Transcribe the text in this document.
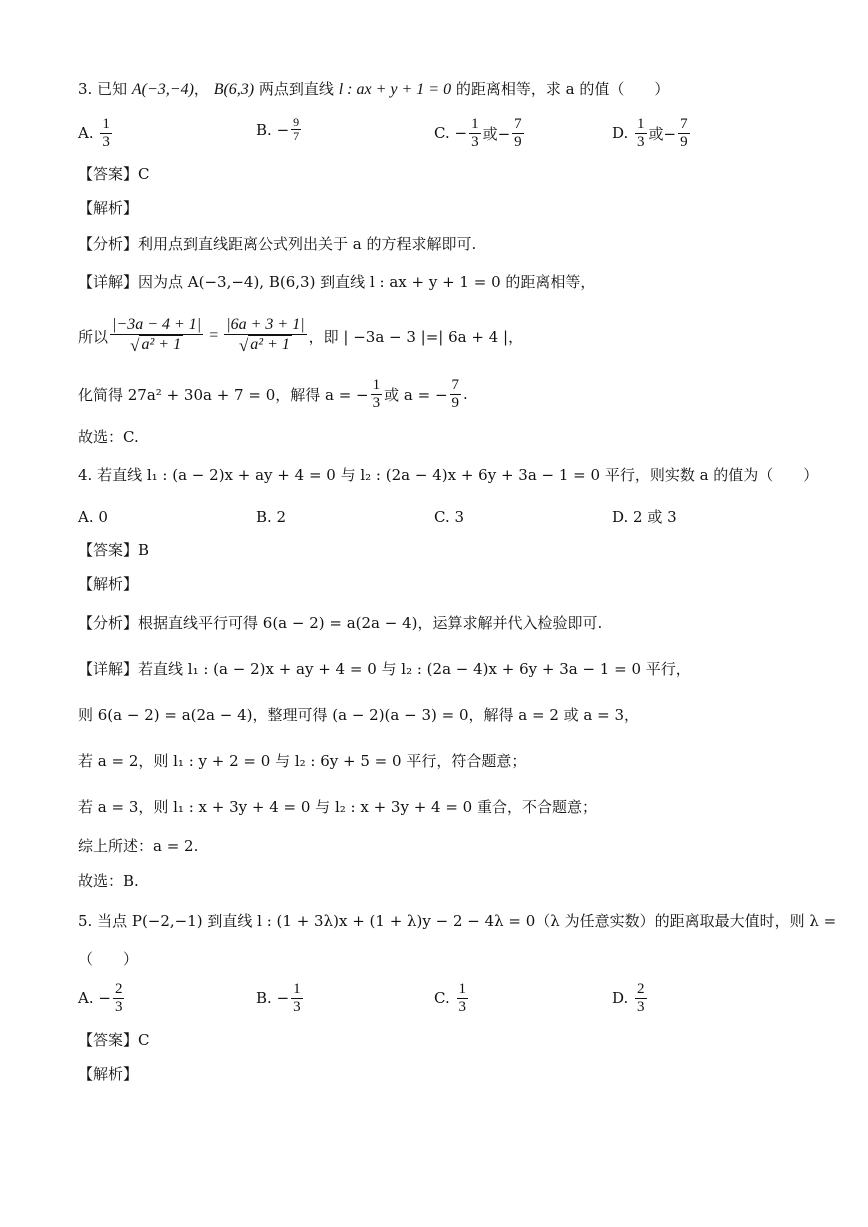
3. 已知 A(−3,−4)， B(6,3) 两点到直线 l : ax + y + 1 = 0 的距离相等，求 a 的值（　　）
A.
$\frac{1}{3}$	B.
− $\frac{9}{7}$	C.
− $\frac{1}{3}$ 或− $\frac{7}{9}$	D.
$\frac{1}{3}$ 或− $\frac{7}{9}$
【答案】C
【解析】
【分析】利用点到直线距离公式列出关于 a 的方程求解即可.
【详解】因为点 A(−3,−4), B(6,3) 到直线 l : ax + y + 1 = 0 的距离相等，
所以 $\frac{|-3a - 4 + 1|}{\text{√ a² + 1}} = \frac{|6a + 3 + 1|}{\text{√ a² + 1}}$ ，即 | −3a − 3 |=| 6a + 4 |，
化简得 27a² + 30a + 7 = 0，解得 a = − $\frac{1}{3}$ 或 a = − $\frac{7}{9}$ .
故选：C.
4. 若直线 l₁ : (a − 2)x + ay + 4 = 0 与 l₂ : (2a − 4)x + 6y + 3a − 1 = 0 平行，则实数 a 的值为（　　）
A. 0	B. 2	C. 3	D. 2 或 3
【答案】B
【解析】
【分析】根据直线平行可得 6(a − 2) = a(2a − 4)，运算求解并代入检验即可.
【详解】若直线 l₁ : (a − 2)x + ay + 4 = 0 与 l₂ : (2a − 4)x + 6y + 3a − 1 = 0 平行，
则 6(a − 2) = a(2a − 4)，整理可得 (a − 2)(a − 3) = 0，解得 a = 2 或 a = 3，
若 a = 2，则 l₁ : y + 2 = 0 与 l₂ : 6y + 5 = 0 平行，符合题意；
若 a = 3，则 l₁ : x + 3y + 4 = 0 与 l₂ : x + 3y + 4 = 0 重合，不合题意；
综上所述：a = 2.
故选：B.
5. 当点 P(−2,−1) 到直线 l : (1 + 3λ)x + (1 + λ)y − 2 − 4λ = 0（λ 为任意实数）的距离取最大值时，则 λ =
（　　）
A.
− $\frac{2}{3}$	B.
− $\frac{1}{3}$	C.
$\frac{1}{3}$	D.
$\frac{2}{3}$
【答案】C
【解析】
